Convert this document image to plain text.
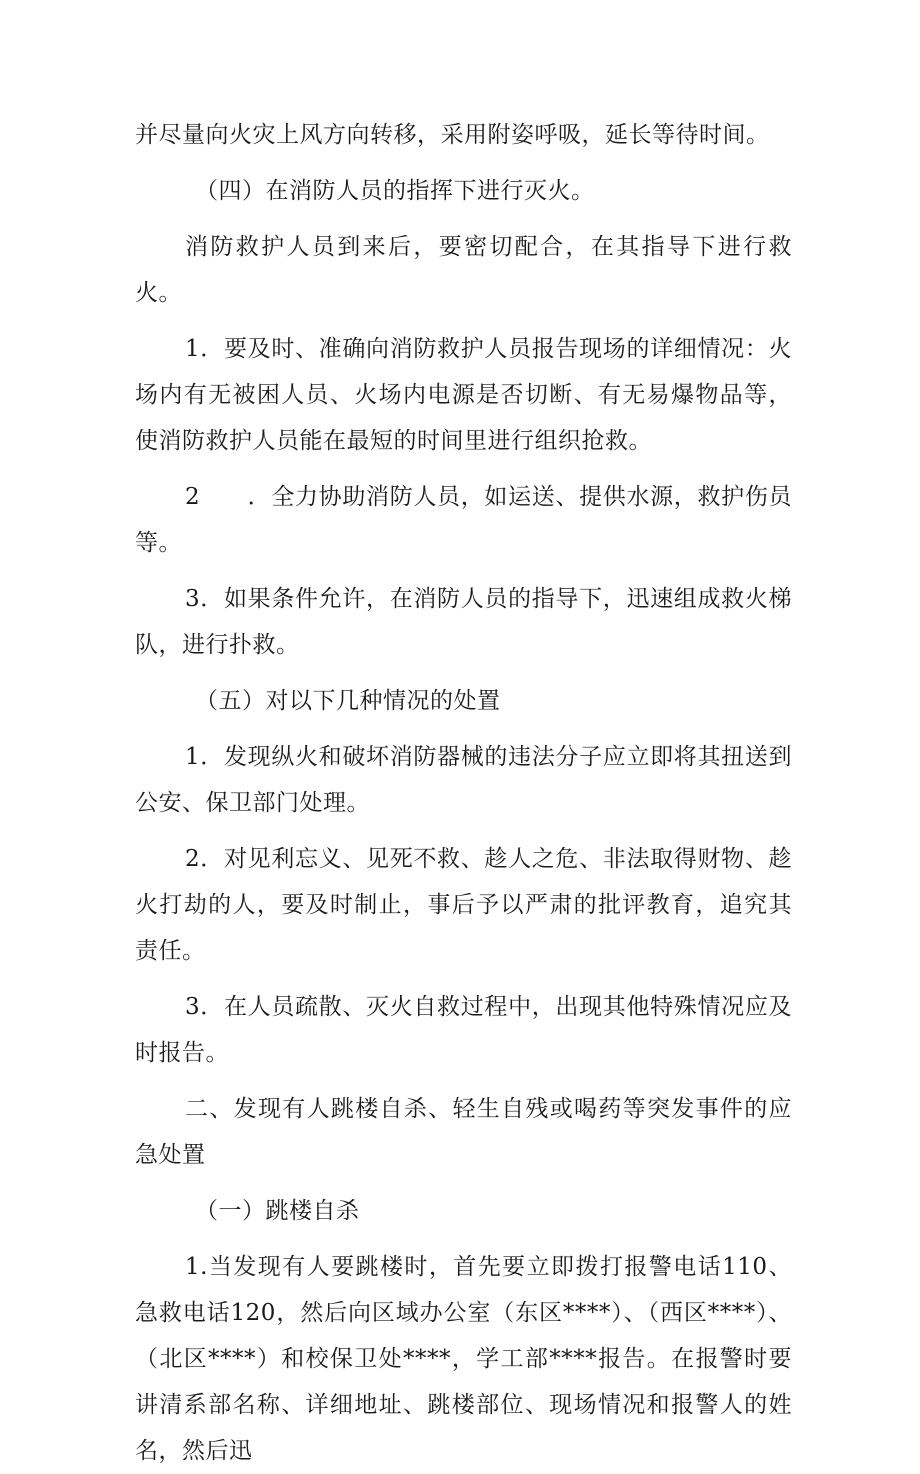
并尽量向火灾上风方向转移，采用附姿呼吸，延长等待时间。

（四）在消防人员的指挥下进行灭火。

消防救护人员到来后，要密切配合，在其指导下进行救火。

1．要及时、准确向消防救护人员报告现场的详细情况：火场内有无被困人员、火场内电源是否切断、有无易爆物品等，使消防救护人员能在最短的时间里进行组织抢救。

2　　．全力协助消防人员，如运送、提供水源，救护伤员等。

3．如果条件允许，在消防人员的指导下，迅速组成救火梯队，进行扑救。

（五）对以下几种情况的处置

1．发现纵火和破坏消防器械的违法分子应立即将其扭送到公安、保卫部门处理。

2．对见利忘义、见死不救、趁人之危、非法取得财物、趁火打劫的人，要及时制止，事后予以严肃的批评教育，追究其责任。

3．在人员疏散、灭火自救过程中，出现其他特殊情况应及时报告。

二、发现有人跳楼自杀、轻生自残或喝药等突发事件的应急处置

（一）跳楼自杀

1.当发现有人要跳楼时，首先要立即拨打报警电话110、急救电话120，然后向区域办公室（东区****）、（西区****）、（北区****）和校保卫处****，学工部****报告。在报警时要讲清系部名称、详细地址、跳楼部位、现场情况和报警人的姓名，然后迅
